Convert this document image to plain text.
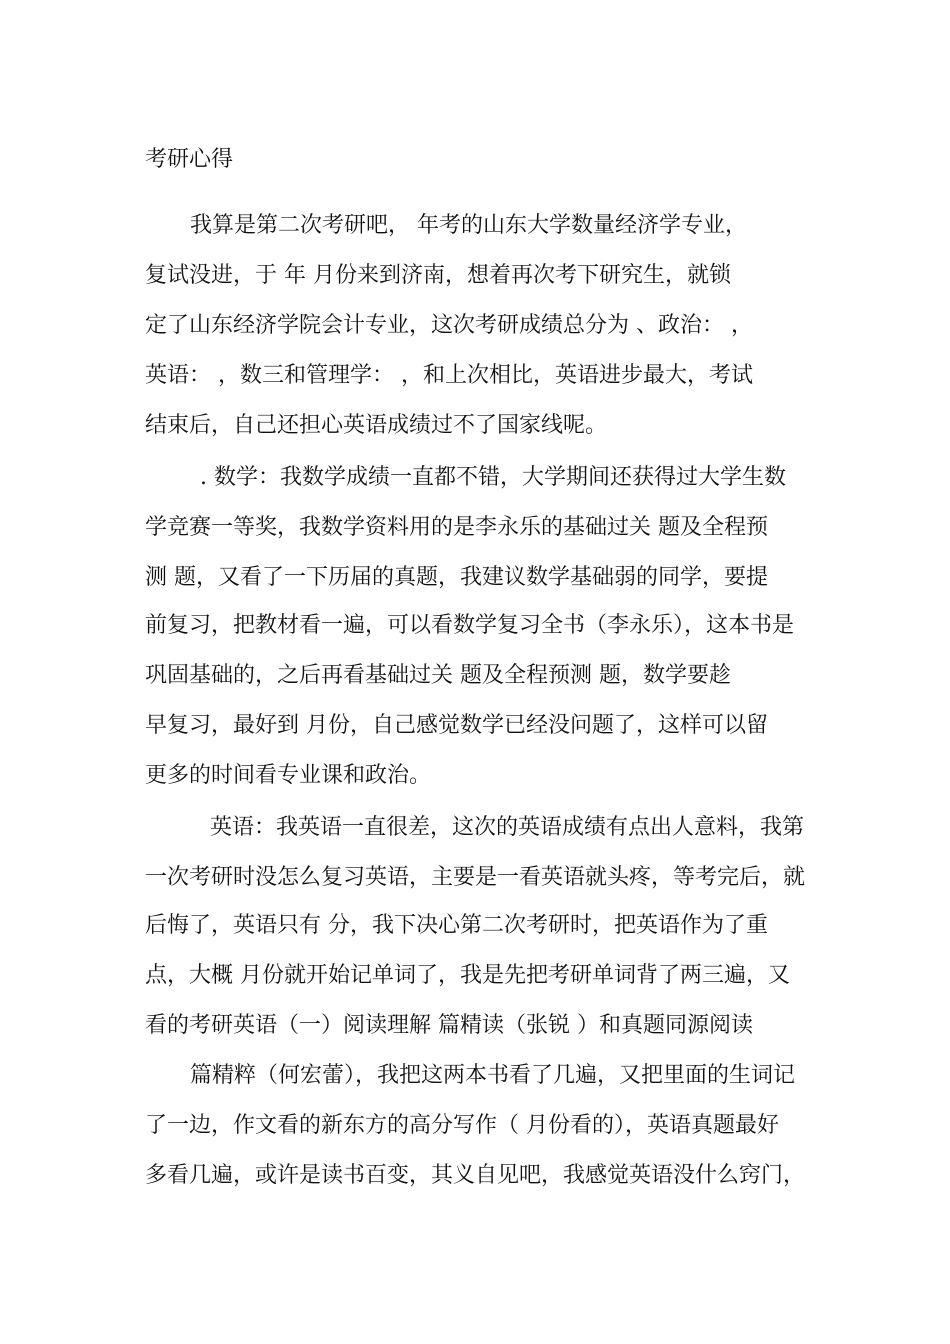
考研心得
我算是第二次考研吧， 年考的山东大学数量经济学专业，
复试没进，于 年 月份来到济南，想着再次考下研究生，就锁
定了山东经济学院会计专业，这次考研成绩总分为 、政治： ，
英语： ，数三和管理学： ，和上次相比，英语进步最大，考试
结束后，自己还担心英语成绩过不了国家线呢。
. 数学：我数学成绩一直都不错，大学期间还获得过大学生数
学竞赛一等奖，我数学资料用的是李永乐的基础过关 题及全程预
测 题，又看了一下历届的真题，我建议数学基础弱的同学，要提
前复习，把教材看一遍，可以看数学复习全书（李永乐），这本书是
巩固基础的，之后再看基础过关 题及全程预测 题，数学要趁
早复习，最好到 月份，自己感觉数学已经没问题了，这样可以留
更多的时间看专业课和政治。
英语：我英语一直很差，这次的英语成绩有点出人意料，我第
一次考研时没怎么复习英语，主要是一看英语就头疼，等考完后，就
后悔了，英语只有 分，我下决心第二次考研时，把英语作为了重
点，大概 月份就开始记单词了，我是先把考研单词背了两三遍，又
看的考研英语（一）阅读理解 篇精读（张锐 ）和真题同源阅读
篇精粹（何宏蕾），我把这两本书看了几遍，又把里面的生词记
了一边，作文看的新东方的高分写作（ 月份看的），英语真题最好
多看几遍，或许是读书百变，其义自见吧，我感觉英语没什么窍门，
